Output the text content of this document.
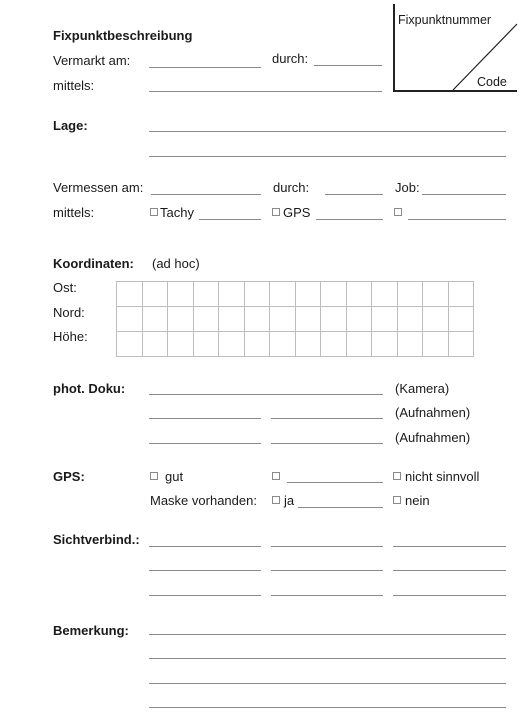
Fixpunktbeschreibung
Vermarkt am:	durch:
mittels:
Fixpunktnummer
Code
Lage:
Vermessen am:	durch:	Job:
mittels:	Tachy	GPS
Koordinaten: (ad hoc)
Ost:
Nord:
Höhe:

phot. Doku:	(Kamera)
(Aufnahmen)
(Aufnahmen)
GPS:	gut	nicht sinnvoll
Maske vorhanden: ja	nein
Sichtverbind.:
Bemerkung:
